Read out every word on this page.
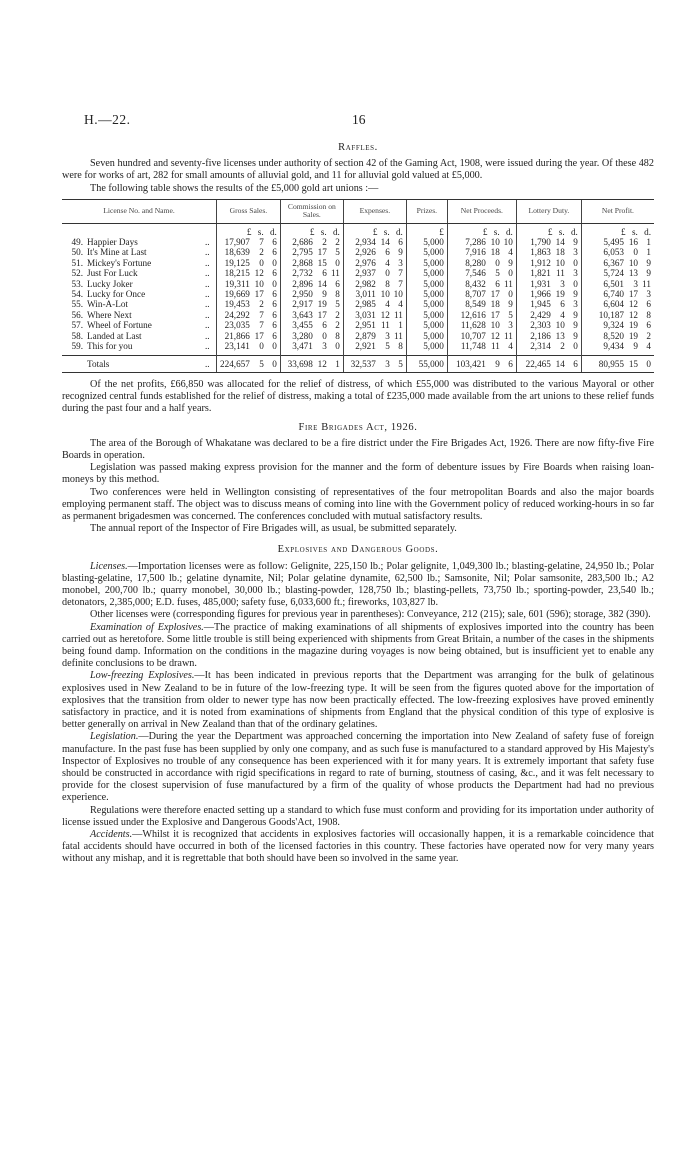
H.—22.	16
Raffles.

Seven hundred and seventy-five licenses under authority of section 42 of the Gaming Act, 1908, were issued during the year. Of these 482 were for works of art, 282 for small amounts of alluvial gold, and 11 for alluvial gold valued at £5,000.

The following table shows the results of the £5,000 gold art unions :—

License No. and Name.	Gross Sales.	Commission on Sales.	Expenses.	Prizes.	Net Proceeds.	Lottery Duty.	Net Profit.
	£ s. d.	£ s. d.	£ s. d.	£	£ s. d.	£ s. d.	£ s. d.
49. Happier Days ..	17,907 7 6	2,686 2 2	2,934 14 6	5,000	7,286 10 10	1,790 14 9	5,495 16 1

50. It's Mine at Last ..	18,639 2 6	2,795 17 5	2,926 6 9	5,000	7,916 18 4	1,863 18 3	6,053 0 1

51. Mickey's Fortune ..	19,125 0 0	2,868 15 0	2,976 4 3	5,000	8,280 0 9	1,912 10 0	6,367 10 9

52. Just For Luck ..	18,215 12 6	2,732 6 11	2,937 0 7	5,000	7,546 5 0	1,821 11 3	5,724 13 9

53. Lucky Joker ..	19,311 10 0	2,896 14 6	2,982 8 7	5,000	8,432 6 11	1,931 3 0	6,501 3 11

54. Lucky for Once ..	19,669 17 6	2,950 9 8	3,011 10 10	5,000	8,707 17 0	1,966 19 9	6,740 17 3

55. Win-A-Lot ..	19,453 2 6	2,917 19 5	2,985 4 4	5,000	8,549 18 9	1,945 6 3	6,604 12 6

56. Where Next ..	24,292 7 6	3,643 17 2	3,031 12 11	5,000	12,616 17 5	2,429 4 9	10,187 12 8

57. Wheel of Fortune ..	23,035 7 6	3,455 6 2	2,951 11 1	5,000	11,628 10 3	2,303 10 9	9,324 19 6

58. Landed at Last ..	21,866 17 6	3,280 0 8	2,879 3 11	5,000	10,707 12 11	2,186 13 9	8,520 19 2

59. This for you ..	23,141 0 0	3,471 3 0	2,921 5 8	5,000	11,748 11 4	2,314 2 0	9,434 9 4

Totals ..	224,657 5 0	33,698 12 1	32,537 3 5	55,000	103,421 9 6	22,465 14 6	80,955 15 0

Of the net profits, £66,850 was allocated for the relief of distress, of which £55,000 was distributed to the various Mayoral or other recognized central funds established for the relief of distress, making a total of £235,000 made available from the art unions to these relief funds during the past four and a half years.

Fire Brigades Act, 1926.

The area of the Borough of Whakatane was declared to be a fire district under the Fire Brigades Act, 1926. There are now fifty-five Fire Boards in operation.

Legislation was passed making express provision for the manner and the form of debenture issues by Fire Boards when raising loan-moneys by this method.

Two conferences were held in Wellington consisting of representatives of the four metropolitan Boards and also the major boards employing permanent staff. The object was to discuss means of coming into line with the Government policy of reduced working-hours in so far as permanent brigadesmen was concerned. The conferences concluded with mutual satisfactory results.

The annual report of the Inspector of Fire Brigades will, as usual, be submitted separately.

Explosives and Dangerous Goods.

Licenses.—Importation licenses were as follow: Gelignite, 225,150 lb.; Polar gelignite, 1,049,300 lb.; blasting-gelatine, 24,950 lb.; Polar blasting-gelatine, 17,500 lb.; gelatine dynamite, Nil; Polar gelatine dynamite, 62,500 lb.; Samsonite, Nil; Polar samsonite, 283,500 lb.; A2 monobel, 200,700 lb.; quarry monobel, 30,000 lb.; blasting-powder, 128,750 lb.; blasting-pellets, 73,750 lb.; sporting-powder, 23,540 lb.; detonators, 2,385,000; E.D. fuses, 485,000; safety fuse, 6,033,600 ft.; fireworks, 103,827 lb.

Other licenses were (corresponding figures for previous year in parentheses): Conveyance, 212 (215); sale, 601 (596); storage, 382 (390).

Examination of Explosives.—The practice of making examinations of all shipments of explosives imported into the country has been carried out as heretofore. Some little trouble is still being experienced with shipments from Great Britain, a number of the cases in the shipments being found damp. Information on the conditions in the magazine during voyages is now being obtained, but is insufficient yet to enable any definite conclusions to be drawn.

Low-freezing Explosives.—It has been indicated in previous reports that the Department was arranging for the bulk of gelatinous explosives used in New Zealand to be in future of the low-freezing type. It will be seen from the figures quoted above for the importation of explosives that the transition from older to newer type has now been practically effected. The low-freezing explosives have proved eminently satisfactory in practice, and it is noted from examinations of shipments from England that the physical condition of this type of explosive is better generally on arrival in New Zealand than that of the ordinary gelatines.

Legislation.—During the year the Department was approached concerning the importation into New Zealand of safety fuse of foreign manufacture. In the past fuse has been supplied by only one company, and as such fuse is manufactured to a standard approved by His Majesty's Inspector of Explosives no trouble of any consequence has been experienced with it for many years. It is extremely important that safety fuse should be constructed in accordance with rigid specifications in regard to rate of burning, stoutness of casing, &c., and it was felt necessary to provide for the closest supervision of fuse manufactured by a firm of the quality of whose products the Department had had no previous experience.

Regulations were therefore enacted setting up a standard to which fuse must conform and providing for its importation under authority of license issued under the Explosive and Dangerous Goods'Act, 1908.

Accidents.—Whilst it is recognized that accidents in explosives factories will occasionally happen, it is a remarkable coincidence that fatal accidents should have occurred in both of the licensed factories in this country. These factories have operated now for very many years without any mishap, and it is regrettable that both should have been so involved in the same year.
